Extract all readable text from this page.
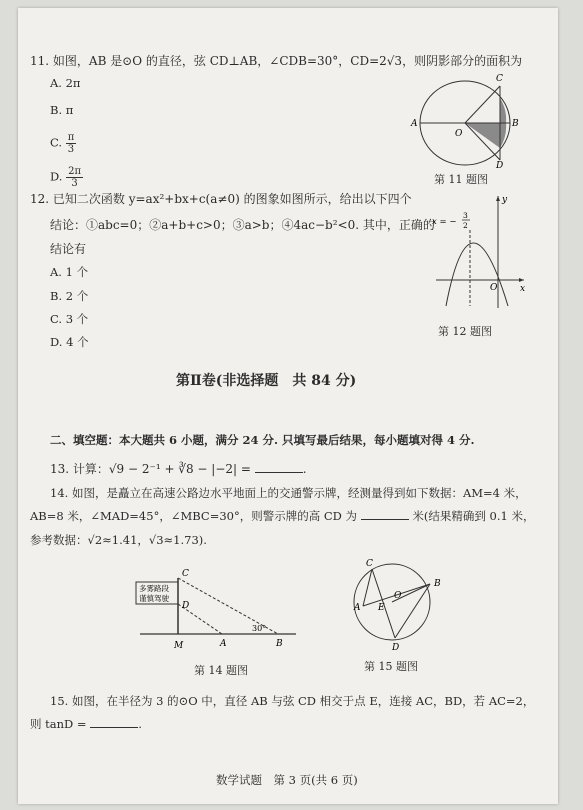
11. 如图，AB 是⊙O 的直径，弦 CD⊥AB，∠CDB=30°，CD=2√3，则阴影部分的面积为
A. 2π
B. π
C. $\frac{\pi}{3}$
D. $\frac{2\pi}{3}$
C
A
O
B
D
第 11 题图
12. 已知二次函数 y=ax²+bx+c(a≠0) 的图象如图所示，给出以下四个
结论：①abc=0；②a+b+c>0；③a>b；④4ac−b²<0. 其中，正确的
结论有
A. 1 个
B. 2 个
C. 3 个
D. 4 个
x = −
3
2
y
x
O
第 12 题图
第Ⅱ卷(非选择题　共 84 分)
二、填空题：本大题共 6 小题，满分 24 分. 只填写最后结果，每小题填对得 4 分.
13. 计算：√9 − 2⁻¹ + ∛8 − |−2| =	.
14. 如图，是矗立在高速公路边水平地面上的交通警示牌，经测量得到如下数据：AM=4 米，
AB=8 米，∠MAD=45°，∠MBC=30°，则警示牌的高 CD 为	米(结果精确到 0.1 米，
参考数据：√2≈1.41，√3≈1.73).
多雾路段
谨慎驾驶
C
D
M	A	B
30°
第 14 题图
C
O
B
A E
D
第 15 题图
15. 如图，在半径为 3 的⊙O 中，直径 AB 与弦 CD 相交于点 E，连接 AC，BD，若 AC=2，
则 tanD =	.
数学试题　第 3 页(共 6 页)
